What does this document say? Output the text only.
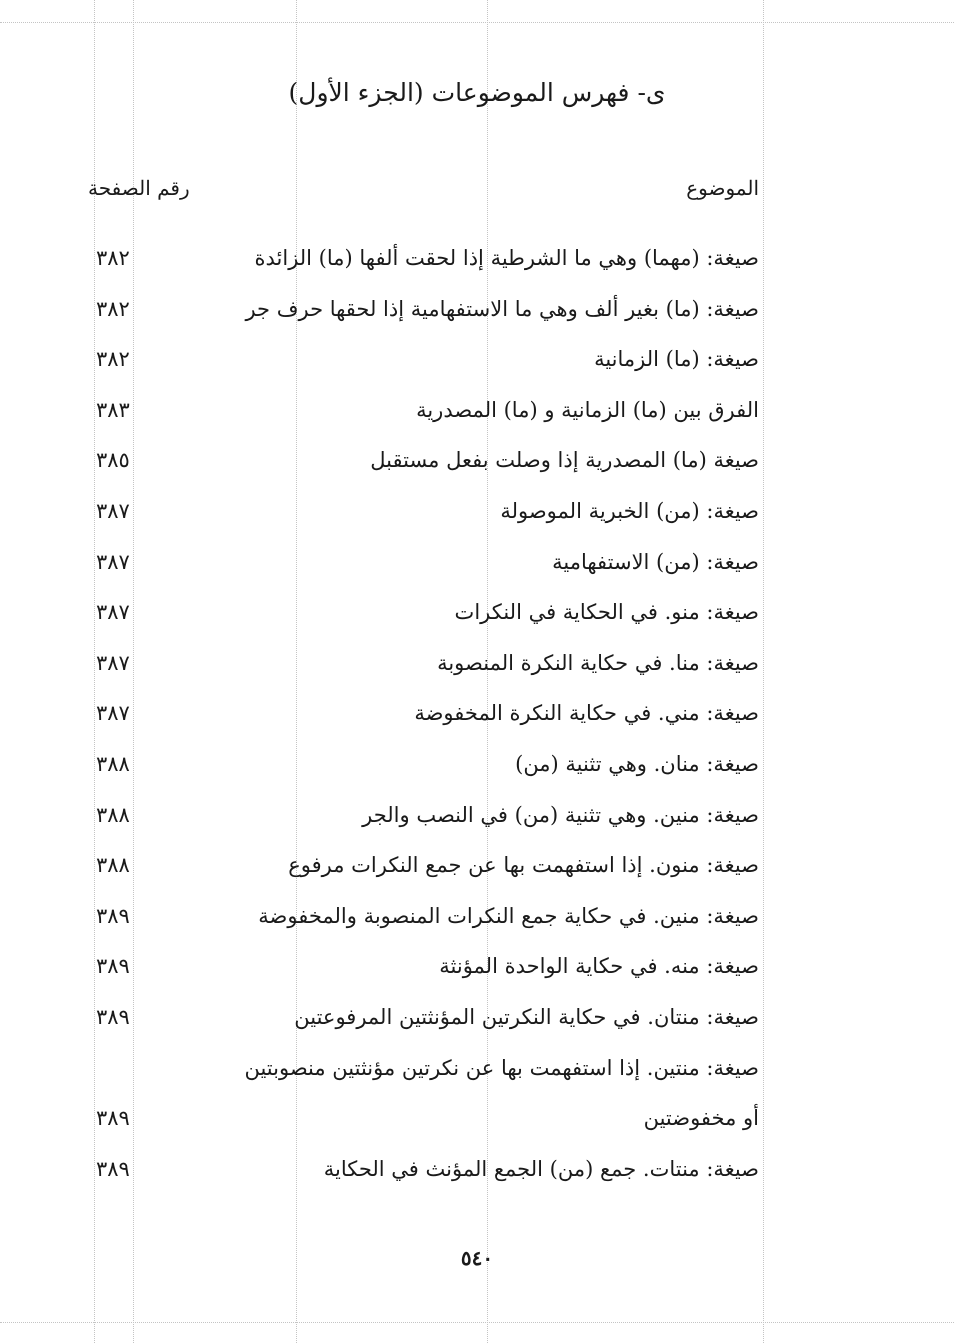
ى- فهرس الموضوعات (الجزء الأول)
الموضوع
رقم الصفحة
صيغة: (مهما) وهي ما الشرطية إذا لحقت ألفها (ما) الزائدة
٣٨٢
صيغة: (ما) بغير ألف وهي ما الاستفهامية إذا لحقها حرف جر
٣٨٢
صيغة: (ما) الزمانية
٣٨٢
الفرق بين (ما) الزمانية و (ما) المصدرية
٣٨٣
صيغة (ما) المصدرية إذا وصلت بفعل مستقبل
٣٨٥
صيغة: (من) الخبرية الموصولة
٣٨٧
صيغة: (من) الاستفهامية
٣٨٧
صيغة: منو. في الحكاية في النكرات
٣٨٧
صيغة: منا. في حكاية النكرة المنصوبة
٣٨٧
صيغة: مني. في حكاية النكرة المخفوضة
٣٨٧
صيغة: منان. وهي تثنية (من)
٣٨٨
صيغة: منين. وهي تثنية (من) في النصب والجر
٣٨٨
صيغة: منون. إذا استفهمت بها عن جمع النكرات مرفوع
٣٨٨
صيغة: منين. في حكاية جمع النكرات المنصوبة والمخفوضة
٣٨٩
صيغة: منه. في حكاية الواحدة المؤنثة
٣٨٩
صيغة: منتان. في حكاية النكرتين المؤنثتين المرفوعتين
٣٨٩
صيغة: منتين. إذا استفهمت بها عن نكرتين مؤنثتين منصوبتين
أو مخفوضتين
٣٨٩
صيغة: منتات. جمع (من) الجمع المؤنث في الحكاية
٣٨٩
٥٤٠
